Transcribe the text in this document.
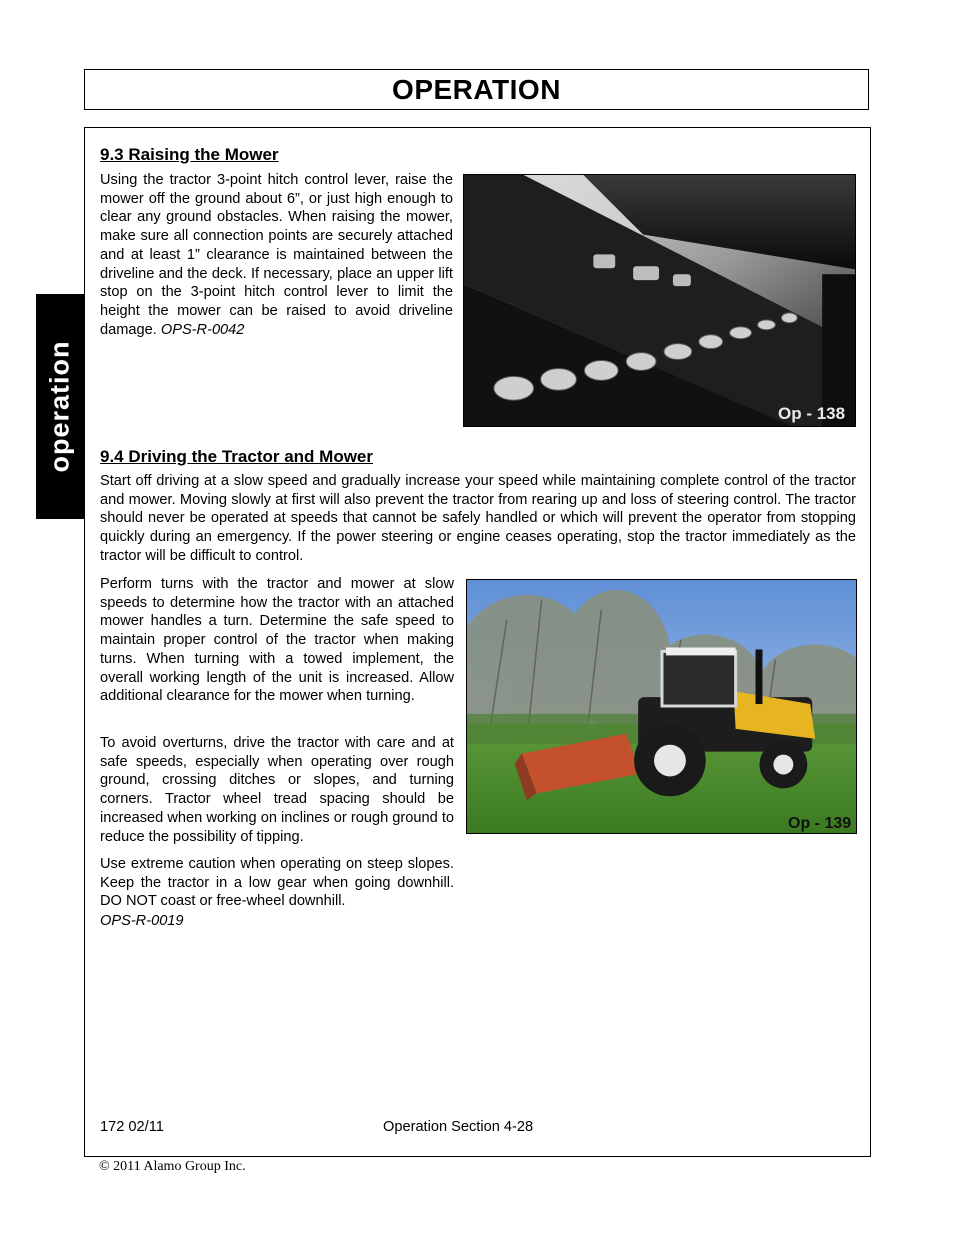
OPERATION
operation
9.3 Raising the Mower

Using the tractor 3-point hitch control lever, raise the mower off the ground about 6”, or just high enough to clear any ground obstacles. When raising the mower, make sure all connection points are securely attached and at least 1” clearance is maintained between the driveline and the deck. If necessary, place an upper lift stop on the 3-point hitch control lever to limit the height the mower can be raised to avoid driveline damage. OPS-R-0042

Op - 138
9.4 Driving the Tractor and Mower

Start off driving at a slow speed and gradually increase your speed while maintaining complete control of the tractor and mower. Moving slowly at first will also prevent the tractor from rearing up and loss of steering control. The tractor should never be operated at speeds that cannot be safely handled or which will prevent the operator from stopping quickly during an emergency. If the power steering or engine ceases operating, stop the tractor immediately as the tractor will be difficult to control.

Perform turns with the tractor and mower at slow speeds to determine how the tractor with an attached mower handles a turn. Determine the safe speed to maintain proper control of the tractor when making turns. When turning with a towed implement, the overall working length of the unit is increased. Allow additional clearance for the mower when turning.

To avoid overturns, drive the tractor with care and at safe speeds, especially when operating over rough ground, crossing ditches or slopes, and turning corners. Tractor wheel tread spacing should be increased when working on inclines or rough ground to reduce the possibility of tipping.

Use extreme caution when operating on steep slopes. Keep the tractor in a low gear when going downhill. DO NOT coast or free-wheel downhill.

OPS-R-0019

Op - 139
172 02/11	Operation Section 4-28
© 2011 Alamo Group Inc.
